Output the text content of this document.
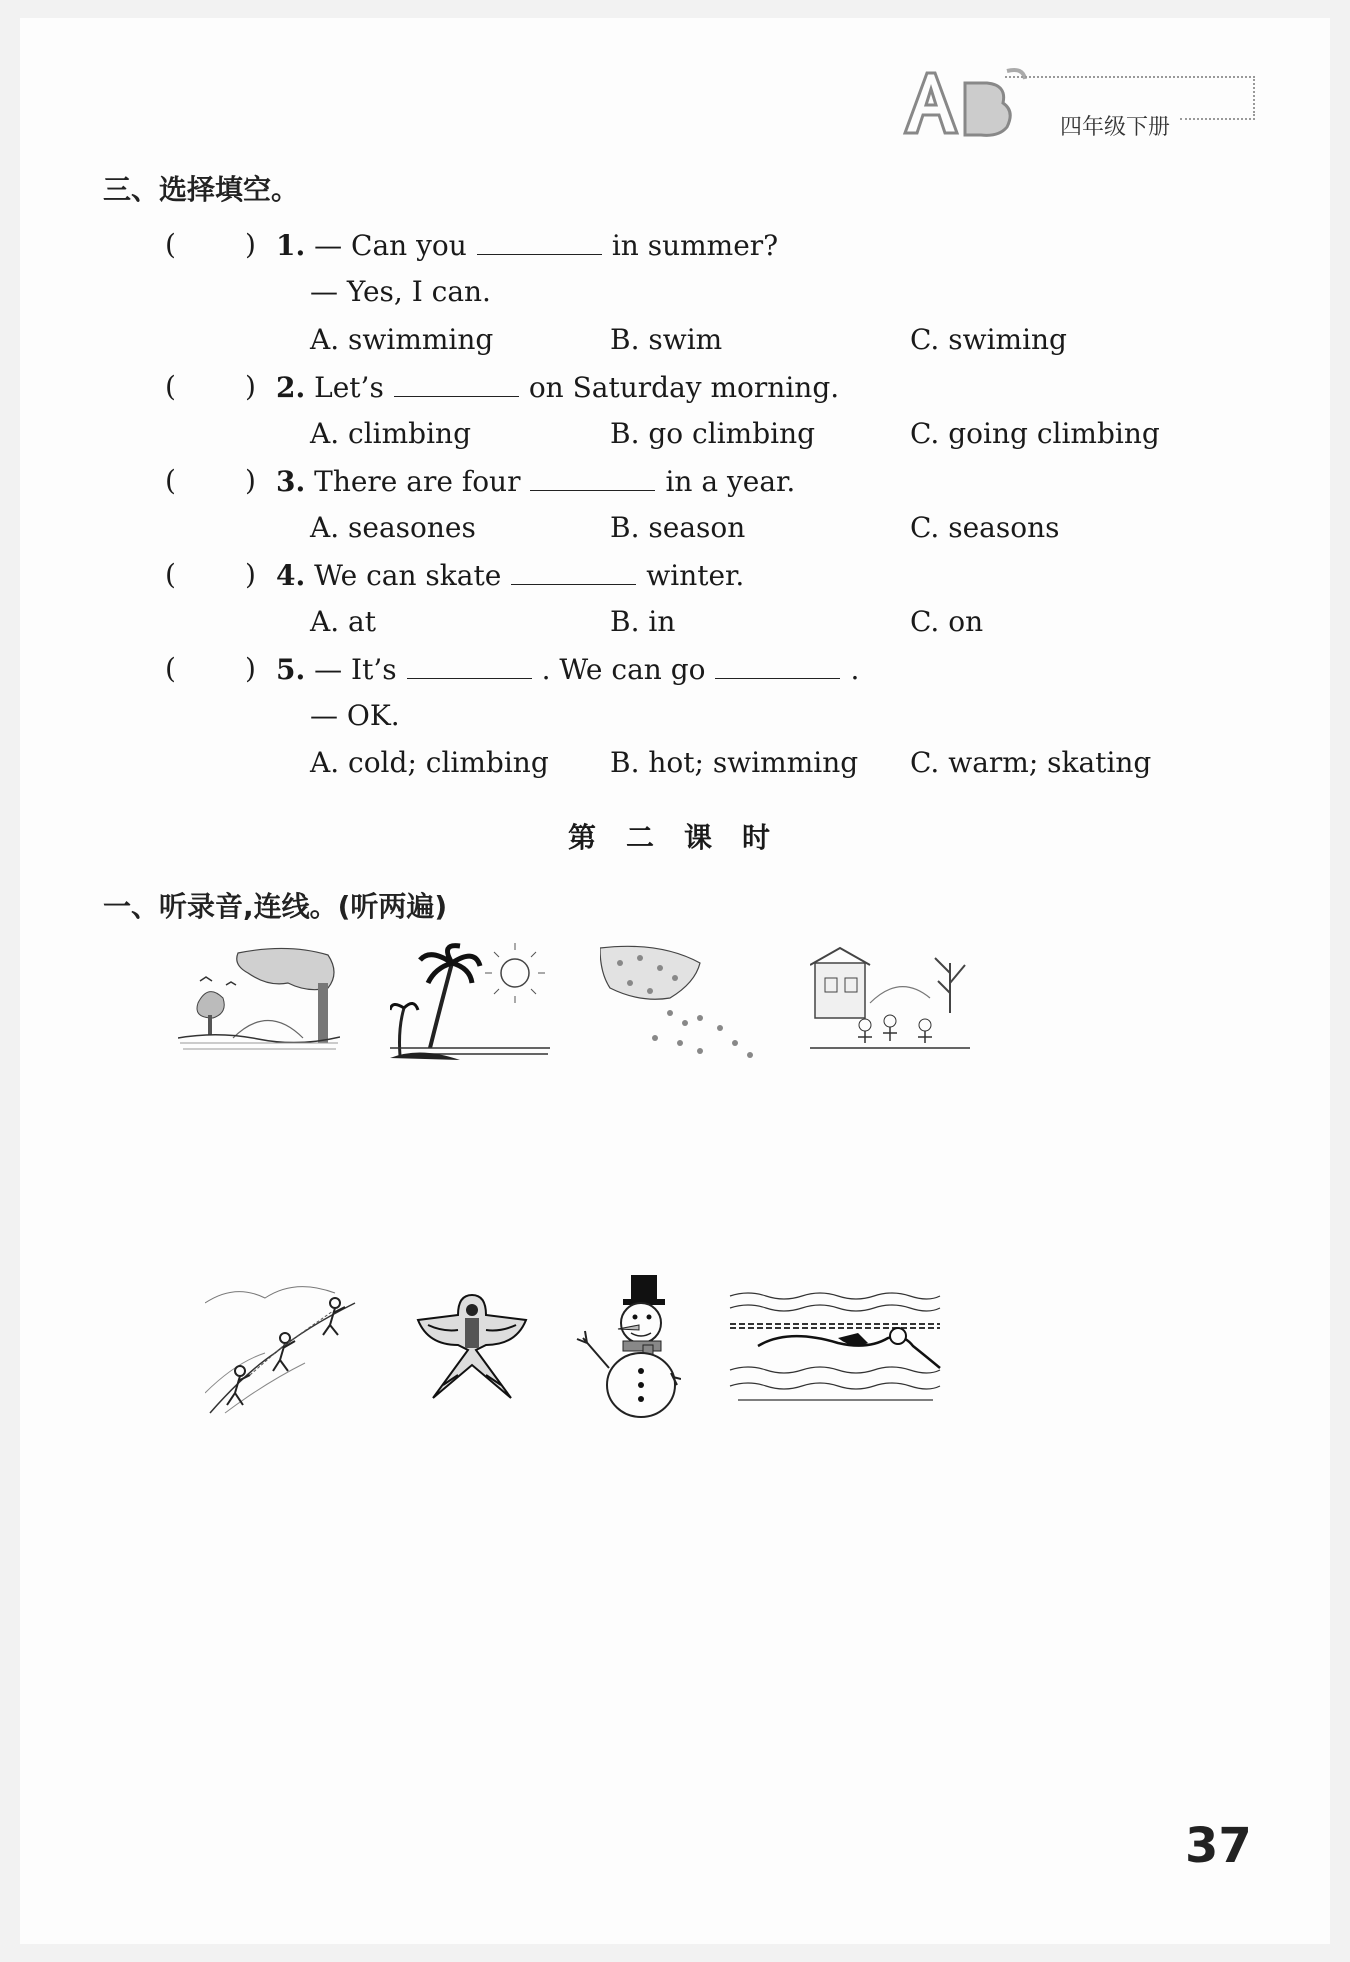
四年级下册
三、选择填空。
( ) 1. — Can you	in summer?
— Yes, I can.
A. swimming	B. swim	C. swiming
( ) 2. Let’s	on Saturday morning.
A. climbing	B. go climbing	C. going climbing
( ) 3. There are four	in a year.
A. seasones	B. season	C. seasons
( ) 4. We can skate	winter.
A. at	B. in	C. on
( ) 5. — It’s	. We can go	.
— OK.
A. cold; climbing B. hot; swimming C. warm; skating
第二课时
一、听录音,连线。(听两遍)
37
